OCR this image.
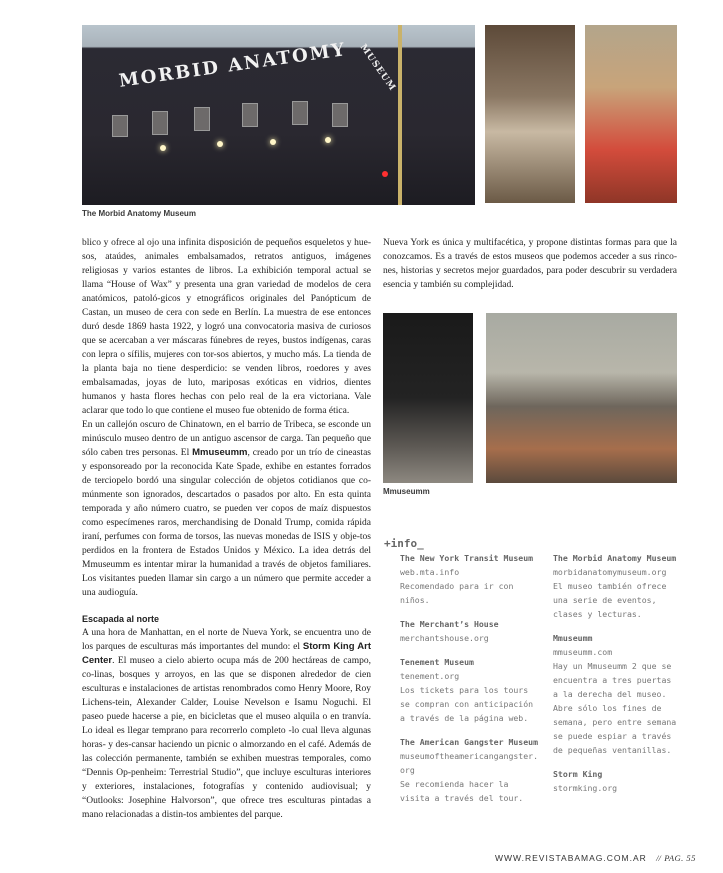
MORBID ANATOMY MUSEUM
The Morbid Anatomy Museum

blico y ofrece al ojo una infinita disposición de pequeños esqueletos y hue-sos, ataúdes, animales embalsamados, retratos antiguos, imágenes religiosas y varios estantes de libros. La exhibición temporal actual se llama “House of Wax” y presenta una gran variedad de modelos de cera anatómicos, patoló-gicos y etnográficos originales del Panópticum de Castan, un museo de cera con sede en Berlín. La muestra de ese entonces duró desde 1869 hasta 1922, y logró una convocatoria masiva de curiosos que se acercaban a ver máscaras fúnebres de reyes, bustos indígenas, caras con lepra o sífilis, mujeres con tor-sos abiertos, y mucho más. La tienda de la planta baja no tiene desperdicio: se venden libros, roedores y aves embalsamadas, joyas de luto, mariposas exóticas en vidrios, dientes humanos y hasta flores hechas con pelo real de la era victoriana. Vale aclarar que todo lo que contiene el museo fue obtenido de forma ética.

En un callejón oscuro de Chinatown, en el barrio de Tribeca, se esconde un minúsculo museo dentro de un antiguo ascensor de carga. Tan pequeño que sólo caben tres personas. El Mmuseumm, creado por un trío de cineastas y esponsoreado por la reconocida Kate Spade, exhibe en estantes forrados de terciopelo bordó una singular colección de objetos cotidianos que co-múnmente son ignorados, descartados o pasados por alto. En esta quinta temporada y año número cuatro, se pueden ver copos de maíz dispuestos como especímenes raros, merchandising de Donald Trump, comida rápida iraní, perfumes con forma de torsos, las nuevas monedas de ISIS y obje-tos perdidos en la frontera de Estados Unidos y México. La idea detrás del Mmuseumm es intentar mirar la humanidad a través de objetos familiares. Los visitantes pueden llamar sin cargo a un número que permite acceder a una audioguía.

Escapada al norte

A una hora de Manhattan, en el norte de Nueva York, se encuentra uno de los parques de esculturas más importantes del mundo: el Storm King Art Center. El museo a cielo abierto ocupa más de 200 hectáreas de campo, co-linas, bosques y arroyos, en las que se disponen alrededor de cien esculturas e instalaciones de artistas renombrados como Henry Moore, Roy Lichens-tein, Alexander Calder, Louise Nevelson e Isamu Noguchi. El paseo puede hacerse a pie, en bicicletas que el museo alquila o en tranvía. Lo ideal es llegar temprano para recorrerlo completo -lo cual lleva algunas horas- y des-cansar haciendo un picnic o almorzando en el café. Además de las colección permanente, también se exhiben muestras temporales, como “Dennis Op-penheim: Terrestrial Studio”, que incluye esculturas interiores y exteriores, instalaciones, fotografías y contenido audiovisual; y “Outlooks: Josephine Halvorson”, que ofrece tres esculturas pintadas a mano relacionadas a distin-tos ambientes del parque.

Nueva York es única y multifacética, y propone distintas formas para que la conozcamos. Es a través de estos museos que podemos acceder a sus rinco-nes, historias y secretos mejor guardados, para poder descubrir su verdadera esencia y también su complejidad.

Mmuseumm
+info_
The New York Transit Museum
web.mta.info
Recomendado para ir con niños.
The Merchant’s House
merchantshouse.org
Tenement Museum
tenement.org
Los tickets para los tours se compran con anticipación a través de la página web.
The American Gangster Museum
museumoftheamericangangster.org
Se recomienda hacer la visita a través del tour.
The Morbid Anatomy Museum
morbidanatomymuseum.org
El museo también ofrece una serie de eventos, clases y lecturas.
Mmuseumm
mmuseumm.com
Hay un Mmuseumm 2 que se encuentra a tres puertas a la derecha del museo. Abre sólo los fines de semana, pero entre semana se puede espiar a través de pequeñas ventanillas.
Storm King
stormking.org
WWW.REVISTABAMAG.COM.AR // PAG. 55
